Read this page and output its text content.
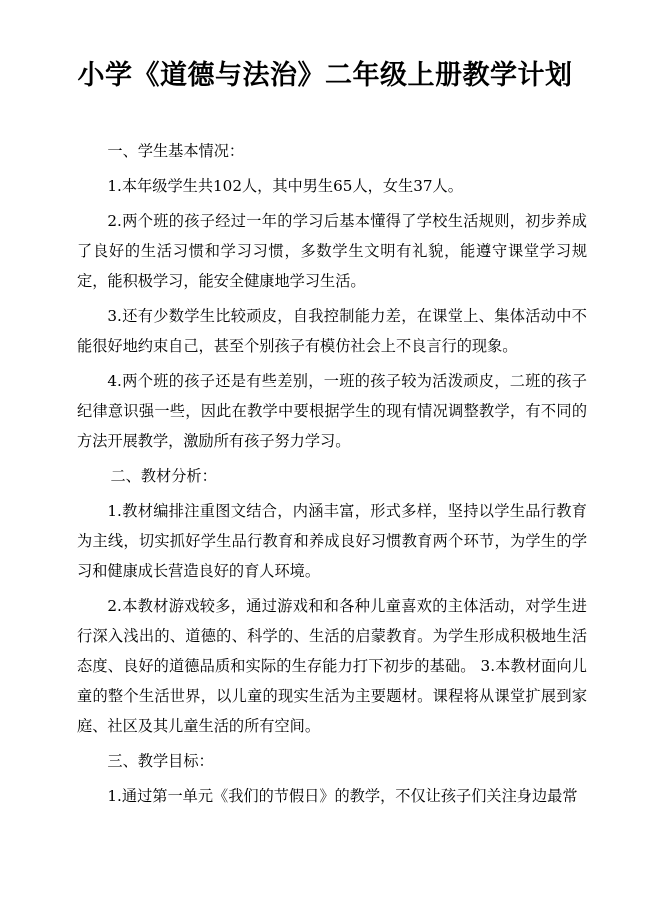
小学《道德与法治》二年级上册教学计划

一、学生基本情况：

1.本年级学生共102人，其中男生65人，女生37人。

2.两个班的孩子经过一年的学习后基本懂得了学校生活规则，初步养成了良好的生活习惯和学习习惯，多数学生文明有礼貌，能遵守课堂学习规定，能积极学习，能安全健康地学习生活。

3.还有少数学生比较顽皮，自我控制能力差，在课堂上、集体活动中不能很好地约束自己，甚至个别孩子有模仿社会上不良言行的现象。

4.两个班的孩子还是有些差别，一班的孩子较为活泼顽皮，二班的孩子纪律意识强一些，因此在教学中要根据学生的现有情况调整教学，有不同的方法开展教学，激励所有孩子努力学习。

二、教材分析：

1.教材编排注重图文结合，内涵丰富，形式多样，坚持以学生品行教育为主线，切实抓好学生品行教育和养成良好习惯教育两个环节，为学生的学习和健康成长营造良好的育人环境。

2.本教材游戏较多，通过游戏和和各种儿童喜欢的主体活动，对学生进行深入浅出的、道德的、科学的、生活的启蒙教育。为学生形成积极地生活态度、良好的道德品质和实际的生存能力打下初步的基础。 3.本教材面向儿童的整个生活世界，以儿童的现实生活为主要题材。课程将从课堂扩展到家庭、社区及其儿童生活的所有空间。

三、教学目标：

1.通过第一单元《我们的节假日》的教学，不仅让孩子们关注身边最常
